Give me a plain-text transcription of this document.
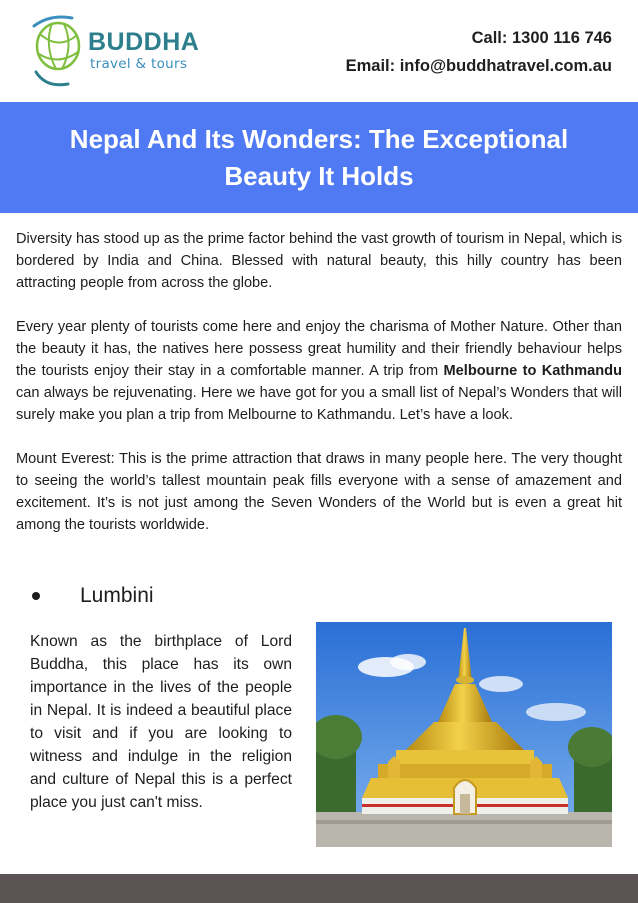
BUDDHA
travel & tours
Call: 1300 116 746
Email: info@buddhatravel.com.au
Nepal And Its Wonders: The Exceptional Beauty It Holds

Diversity has stood up as the prime factor behind the vast growth of tourism in Nepal, which is bordered by India and China. Blessed with natural beauty, this hilly country has been attracting people from across the globe.

Every year plenty of tourists come here and enjoy the charisma of Mother Nature. Other than the beauty it has, the natives here possess great humility and their friendly behaviour helps the tourists enjoy their stay in a comfortable manner. A trip from Melbourne to Kathmandu can always be rejuvenating. Here we have got for you a small list of Nepal’s Wonders that will surely make you plan a trip from Melbourne to Kathmandu. Let’s have a look.

Mount Everest: This is the prime attraction that draws in many people here. The very thought to seeing the world’s tallest mountain peak fills everyone with a sense of amazement and excitement. It’s is not just among the Seven Wonders of the World but is even a great hit among the tourists worldwide.

Lumbini
Known as the birthplace of Lord Buddha, this place has its own importance in the lives of the people in Nepal. It is indeed a beautiful place to visit and if you are looking to witness and indulge in the religion and culture of Nepal this is a perfect place you just can't miss.
